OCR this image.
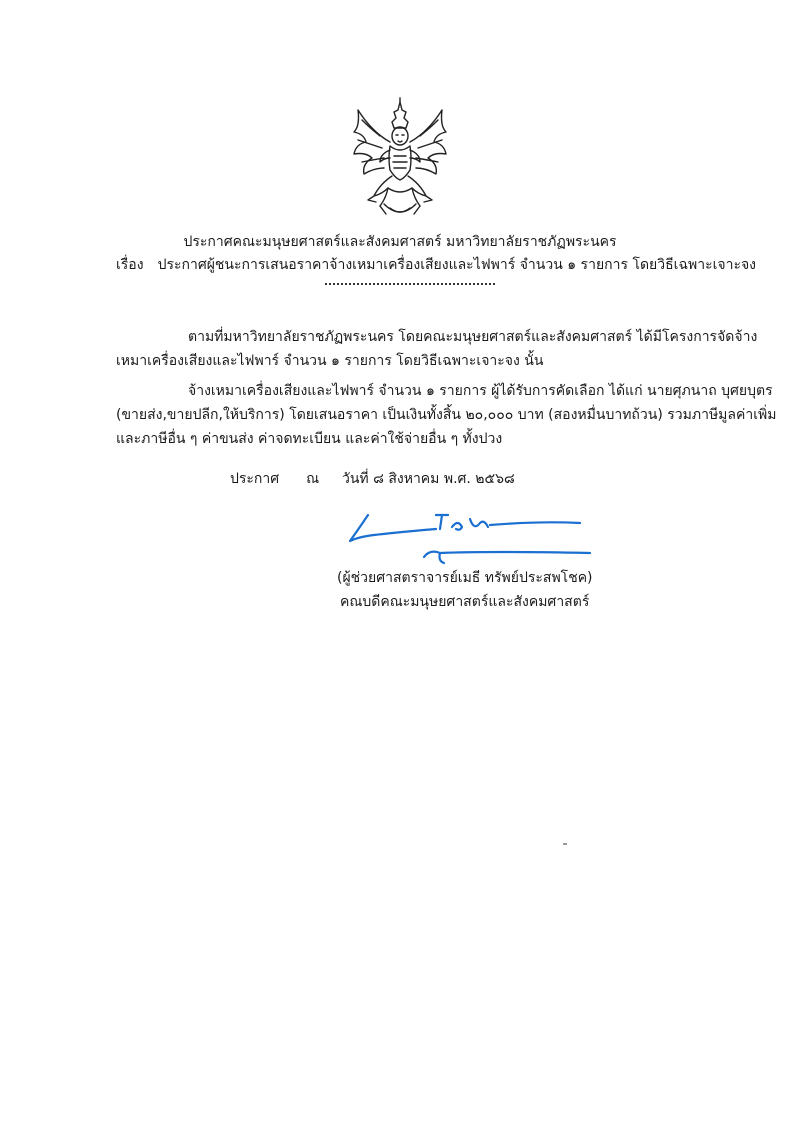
ประกาศคณะมนุษยศาสตร์และสังคมศาสตร์ มหาวิทยาลัยราชภัฏพระนคร
เรื่อง ประกาศผู้ชนะการเสนอราคาจ้างเหมาเครื่องเสียงและไฟพาร์ จำนวน ๑ รายการ โดยวิธีเฉพาะเจาะจง
ตามที่มหาวิทยาลัยราชภัฏพระนคร โดยคณะมนุษยศาสตร์และสังคมศาสตร์ ได้มีโครงการจัดจ้าง
เหมาเครื่องเสียงและไฟพาร์ จำนวน ๑ รายการ โดยวิธีเฉพาะเจาะจง นั้น
จ้างเหมาเครื่องเสียงและไฟพาร์ จำนวน ๑ รายการ ผู้ได้รับการคัดเลือก ได้แก่ นายศุภนาถ บุศยบุตร
(ขายส่ง,ขายปลีก,ให้บริการ) โดยเสนอราคา เป็นเงินทั้งสิ้น ๒๐,๐๐๐ บาท (สองหมื่นบาทถ้วน) รวมภาษีมูลค่าเพิ่ม
และภาษีอื่น ๆ ค่าขนส่ง ค่าจดทะเบียน และค่าใช้จ่ายอื่น ๆ ทั้งปวง
ประกาศ ณ วันที่ ๘ สิงหาคม พ.ศ. ๒๕๖๘
(ผู้ช่วยศาสตราจารย์เมธี ทรัพย์ประสพโชค)
คณบดีคณะมนุษยศาสตร์และสังคมศาสตร์
